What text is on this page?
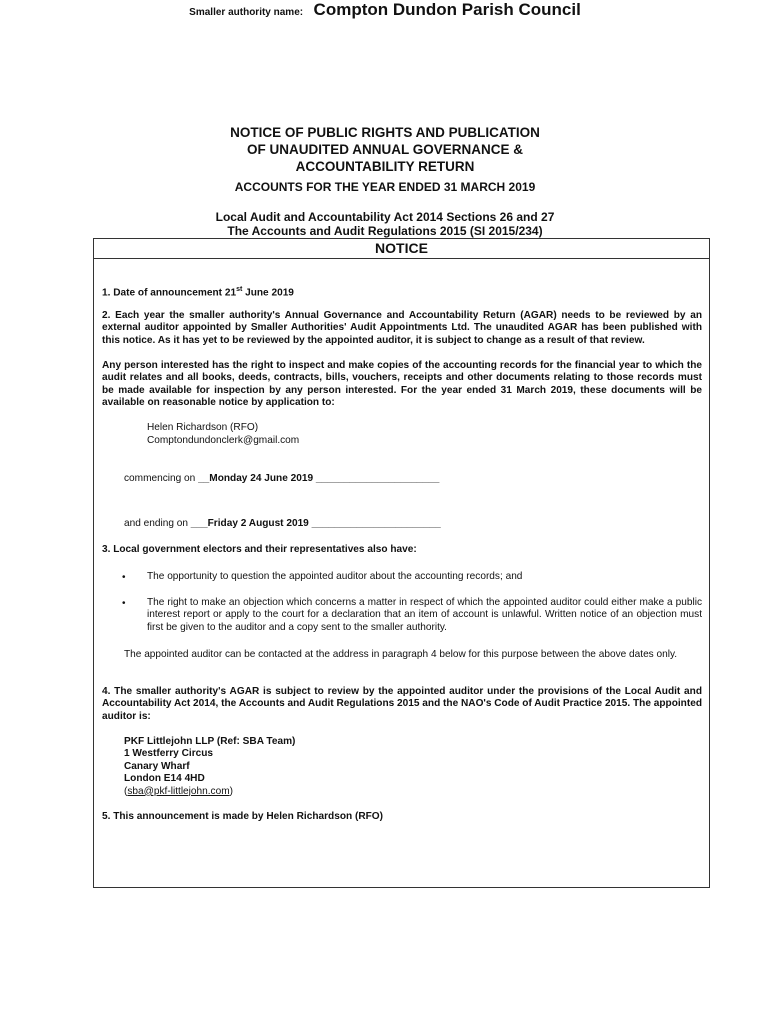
Smaller authority name: Compton Dundon Parish Council
NOTICE OF PUBLIC RIGHTS AND PUBLICATION
OF UNAUDITED ANNUAL GOVERNANCE &
ACCOUNTABILITY RETURN
ACCOUNTS FOR THE YEAR ENDED 31 MARCH 2019
Local Audit and Accountability Act 2014 Sections 26 and 27
The Accounts and Audit Regulations 2015 (SI 2015/234)
NOTICE
1. Date of announcement 21st June 2019
2. Each year the smaller authority's Annual Governance and Accountability Return (AGAR) needs to be reviewed by an external auditor appointed by Smaller Authorities' Audit Appointments Ltd. The unaudited AGAR has been published with this notice. As it has yet to be reviewed by the appointed auditor, it is subject to change as a result of that review.
Any person interested has the right to inspect and make copies of the accounting records for the financial year to which the audit relates and all books, deeds, contracts, bills, vouchers, receipts and other documents relating to those records must be made available for inspection by any person interested. For the year ended 31 March 2019, these documents will be available on reasonable notice by application to:
Helen Richardson (RFO)
Comptondundonclerk@gmail.com
commencing on __Monday 24 June 2019 ______________________
and ending on ___Friday 2 August 2019 _______________________
3. Local government electors and their representatives also have:
• The opportunity to question the appointed auditor about the accounting records; and
• The right to make an objection which concerns a matter in respect of which the appointed auditor could either make a public interest report or apply to the court for a declaration that an item of account is unlawful. Written notice of an objection must first be given to the auditor and a copy sent to the smaller authority.
The appointed auditor can be contacted at the address in paragraph 4 below for this purpose between the above dates only.
4. The smaller authority's AGAR is subject to review by the appointed auditor under the provisions of the Local Audit and Accountability Act 2014, the Accounts and Audit Regulations 2015 and the NAO's Code of Audit Practice 2015. The appointed auditor is:
PKF Littlejohn LLP (Ref: SBA Team)
1 Westferry Circus
Canary Wharf
London E14 4HD
(sba@pkf-littlejohn.com)
5. This announcement is made by Helen Richardson (RFO)
